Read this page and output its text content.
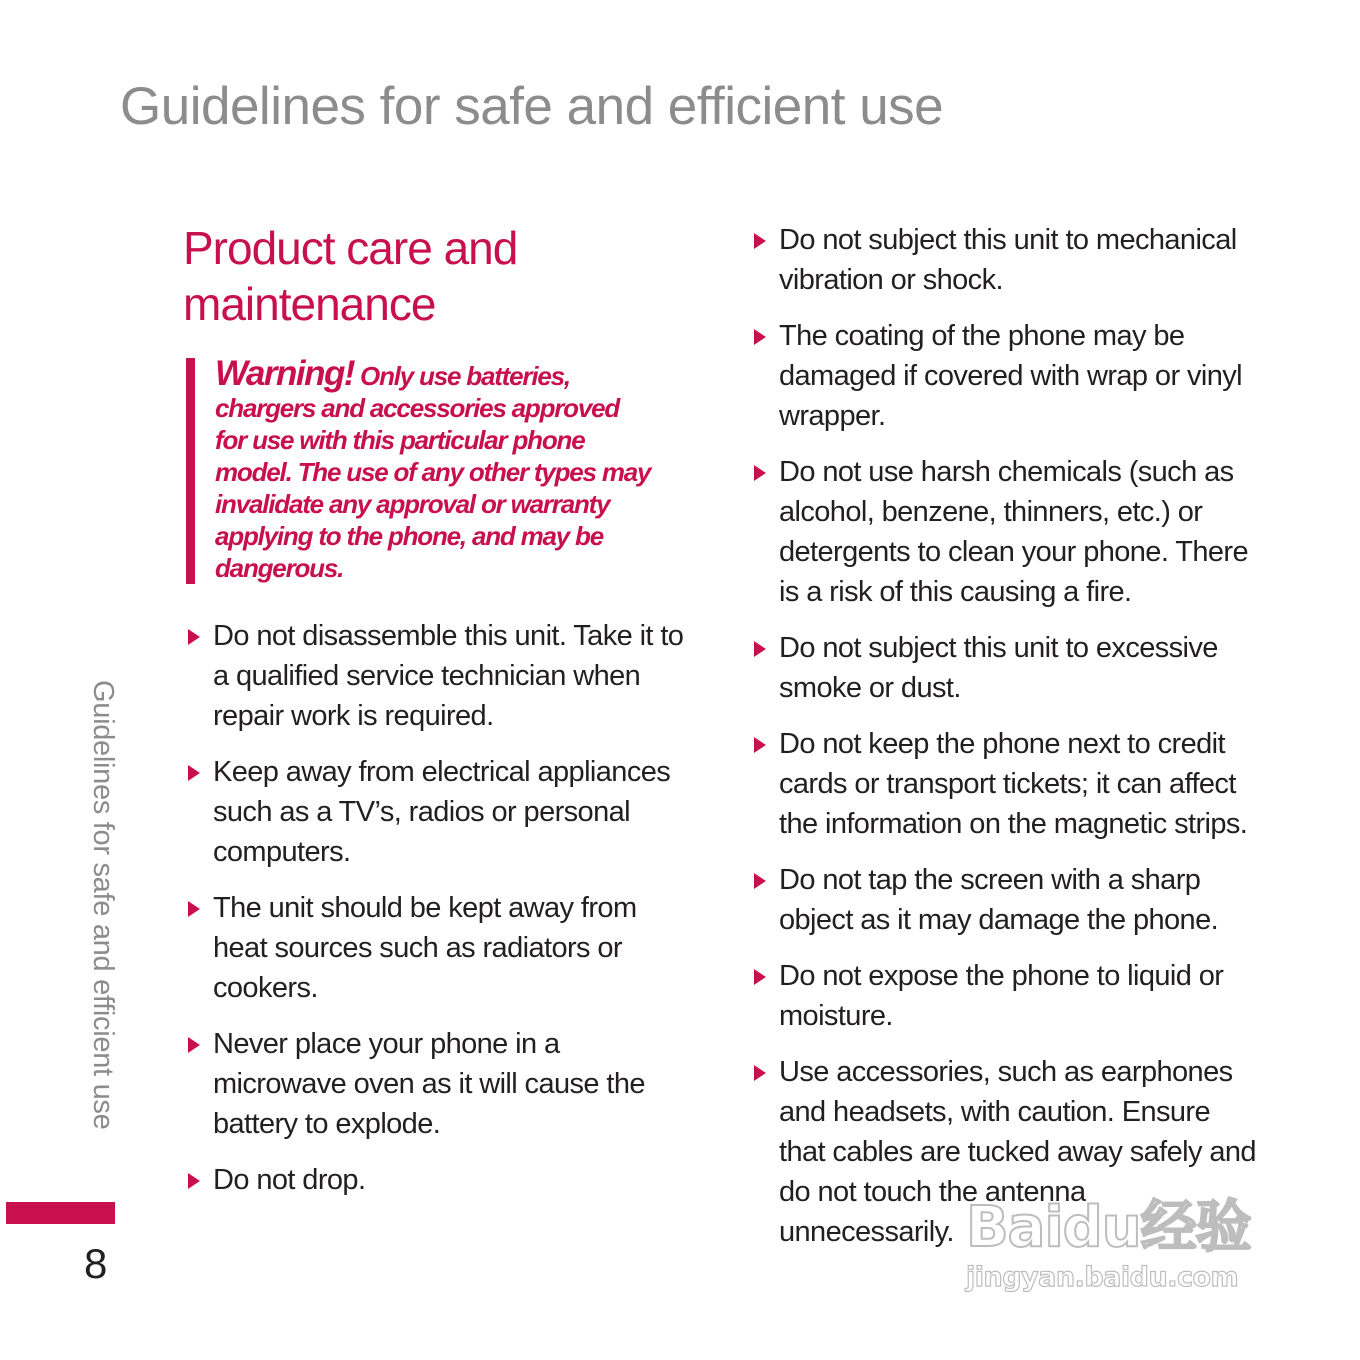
Guidelines for safe and efficient use
Product care and maintenance

Warning! Only use batteries, chargers and accessories approved for use with this particular phone model. The use of any other types may invalidate any approval or warranty applying to the phone, and may be dangerous.

Do not disassemble this unit. Take it to a qualified service technician when repair work is required.
Keep away from electrical appliances such as a TV’s, radios or personal computers.
The unit should be kept away from heat sources such as radiators or cookers.
Never place your phone in a microwave oven as it will cause the battery to explode.
Do not drop.
Do not subject this unit to mechanical vibration or shock.
The coating of the phone may be damaged if covered with wrap or vinyl wrapper.
Do not use harsh chemicals (such as alcohol, benzene, thinners, etc.) or detergents to clean your phone. There is a risk of this causing a fire.
Do not subject this unit to excessive smoke or dust.
Do not keep the phone next to credit cards or transport tickets; it can affect the information on the magnetic strips.
Do not tap the screen with a sharp object as it may damage the phone.
Do not expose the phone to liquid or moisture.
Use accessories, such as earphones and headsets, with caution. Ensure that cables are tucked away safely and do not touch the antenna unnecessarily.
Guidelines for safe and efficient use
8
Baidu经验
jingyan.baidu.com
